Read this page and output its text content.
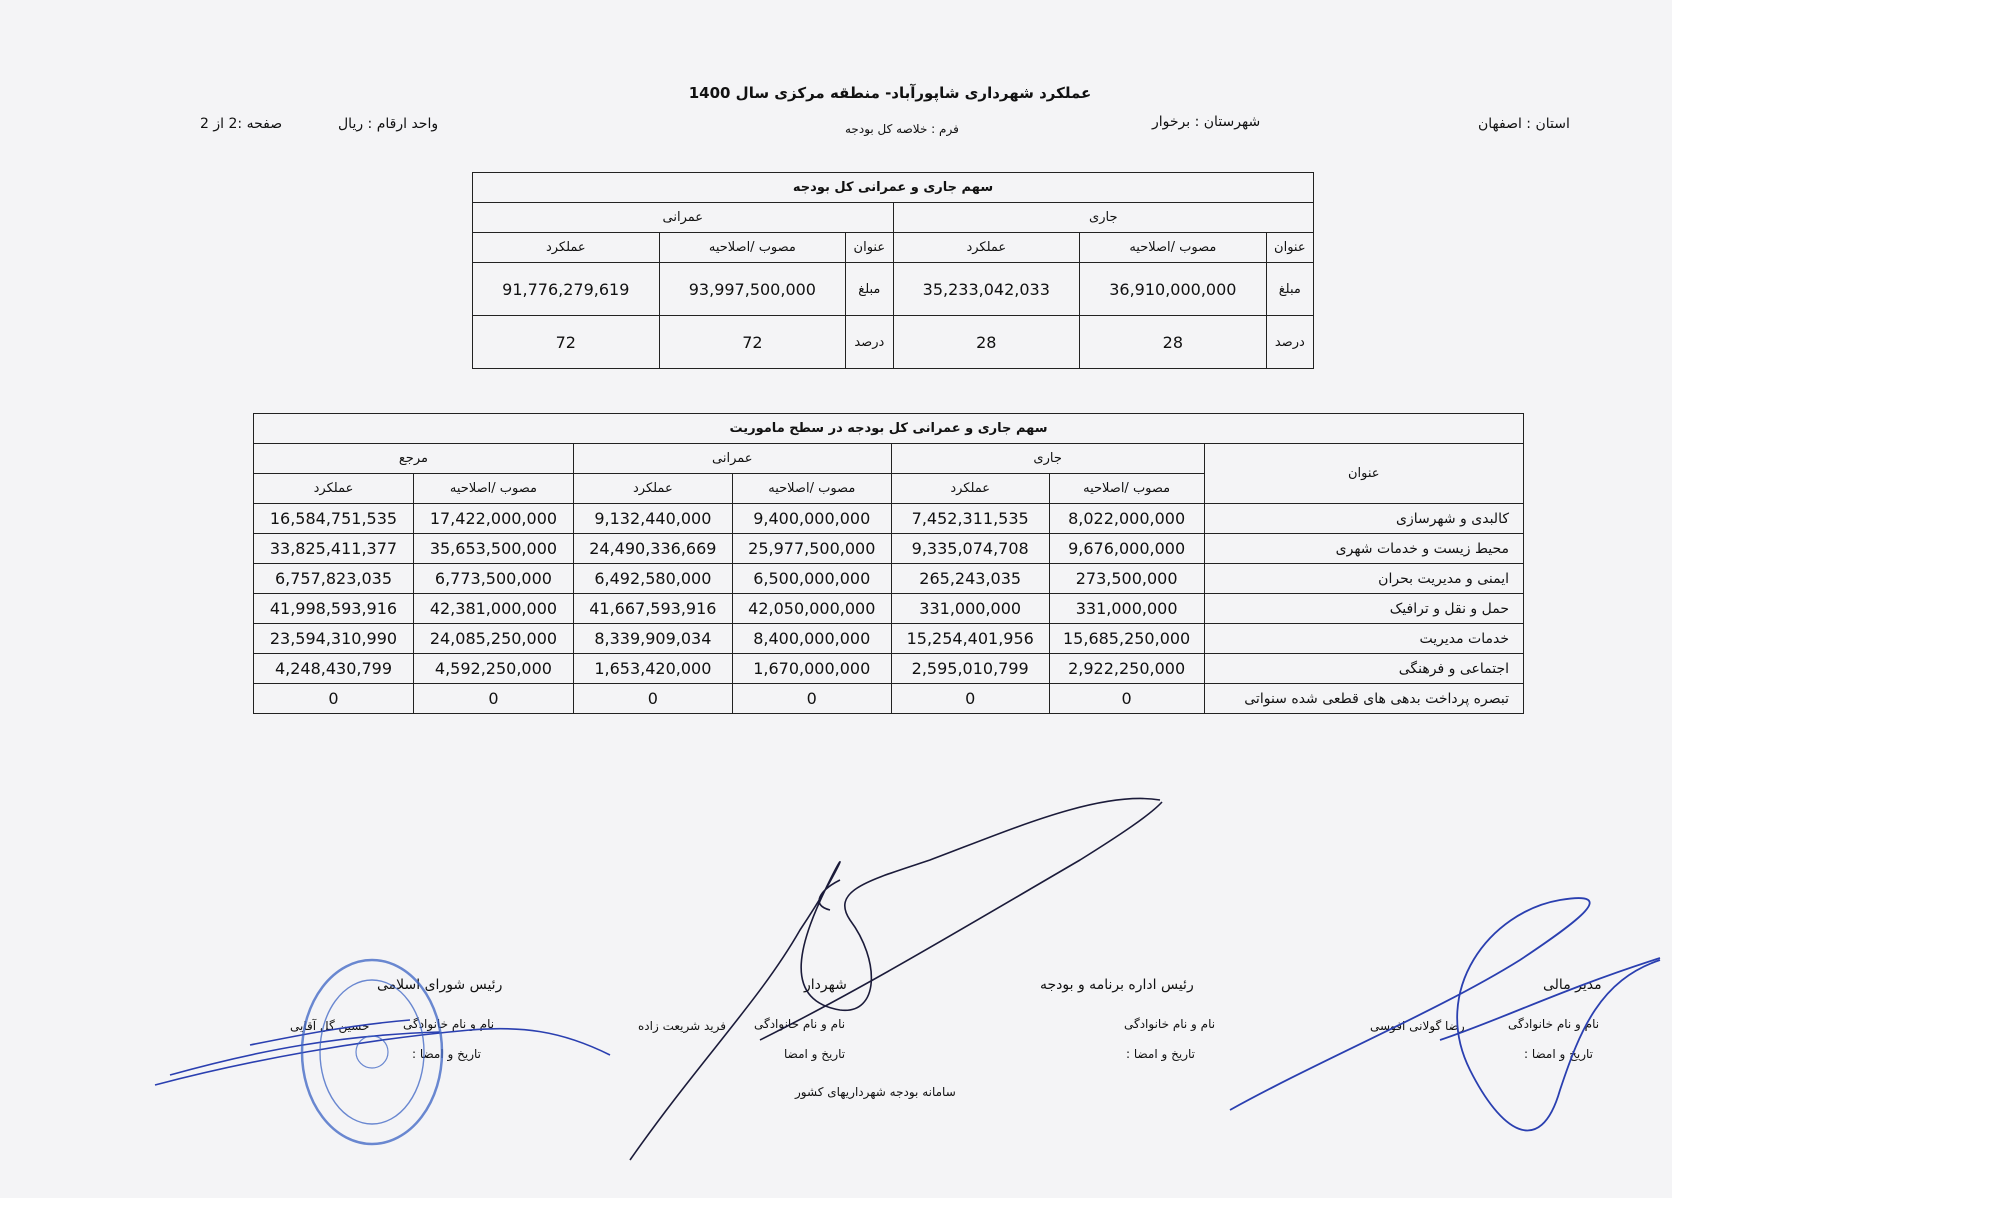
عملکرد شهرداری شاپورآباد- منطقه مرکزی سال 1400
استان : اصفهان
شهرستان : برخوار
فرم : خلاصه کل بودجه
واحد ارقام : ریال
صفحه :2 از 2
سهم جاری و عمرانی کل بودجه					
جاری			عمرانی		
عنوان	مصوب /اصلاحیه	عملکرد	عنوان	مصوب /اصلاحیه	عملکرد
مبلغ	36,910,000,000	35,233,042,033	مبلغ	93,997,500,000	91,776,279,619
درصد	28	28	درصد	72	72
سهم جاری و عمرانی کل بودجه در سطح ماموریت						
عنوان	جاری		عمرانی		مرجع	
	مصوب /اصلاحیه	عملکرد	مصوب /اصلاحیه	عملکرد	مصوب /اصلاحیه	عملکرد
کالبدی و شهرسازی	8,022,000,000	7,452,311,535	9,400,000,000	9,132,440,000	17,422,000,000	16,584,751,535
محیط زیست و خدمات شهری	9,676,000,000	9,335,074,708	25,977,500,000	24,490,336,669	35,653,500,000	33,825,411,377
ایمنی و مدیریت بحران	273,500,000	265,243,035	6,500,000,000	6,492,580,000	6,773,500,000	6,757,823,035
حمل و نقل و ترافیک	331,000,000	331,000,000	42,050,000,000	41,667,593,916	42,381,000,000	41,998,593,916
خدمات مدیریت	15,685,250,000	15,254,401,956	8,400,000,000	8,339,909,034	24,085,250,000	23,594,310,990
اجتماعی و فرهنگی	2,922,250,000	2,595,010,799	1,670,000,000	1,653,420,000	4,592,250,000	4,248,430,799
تبصره پرداخت بدهی های قطعی شده سنواتی	0	0	0	0	0	0
مدیر مالی
نام و نام خانوادگی
رضا گولانی افوسی
تاریخ و امضا :
رئیس اداره برنامه و بودجه
نام و نام خانوادگی
تاریخ و امضا :
شهردار
نام و نام خانوادگی
فرید شریعت زاده
تاریخ و امضا
سامانه بودجه شهرداریهای کشور
رئیس شورای اسلامی
نام و نام خانوادگی
حسین گل آقایی
تاریخ و امضا :
